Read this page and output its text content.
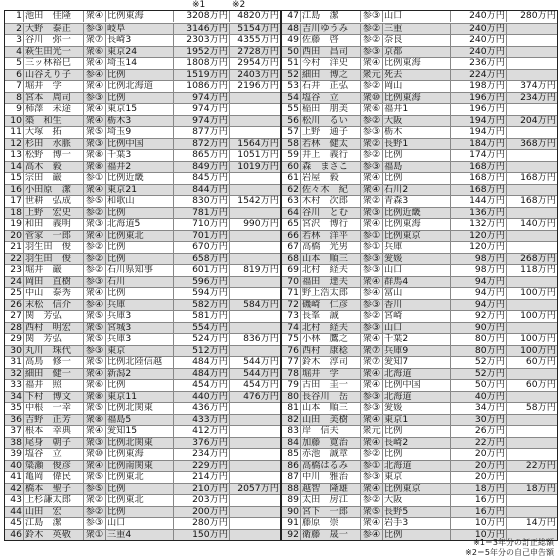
※1	※2
1 池田　佳隆	衆④ 比例東海	3208万円	4820万円
2 大野　泰正	参③ 岐阜	3146万円	5154万円
3 谷川　弥一	衆⑦ 長崎3	2303万円	4355万円
4 萩生田光一	衆⑥ 東京24	1952万円	2728万円
5 三ッ林裕巳	衆④ 埼玉14	1808万円	2954万円
6 山谷えり子	参④ 比例	1519万円	2403万円
7 堀井　学	衆④ 比例北海道	1086万円	2196万円
8 宮本　周司	参③ 比例	974万円
9 柿澤　未途	衆④ 東京15	974万円
10 築　和生	衆④ 栃木3	974万円
11 大塚　拓	衆⑤ 埼玉9	877万円
12 杉田　水脈	衆③ 比例中国	872万円	1564万円
13 松野　博一	衆⑧ 千葉3	865万円	1051万円
14 高木　毅	衆⑧ 福井2	849万円	1019万円
15 宗田　巌	参① 比例近畿	845万円
16 小田原　潔	衆④ 東京21	844万円
17 世耕　弘成	参⑤ 和歌山	830万円	1542万円
18 上野　宏史	参② 比例	781万円
19 和田　義明	衆③ 北海道5	710万円	990万円
20 菅家　一郎	衆④ 比例東北	701万円
21 羽生田　俊	参② 比例	670万円
22 羽生田　俊	参② 比例	658万円
23 堀井　巌	参② 石川県知事	601万円	819万円
24 岡田　直樹	参③ 石川	596万円
25 中山　泰秀	衆④ 比例	594万円
26 末松　信介	参④ 兵庫	582万円	584万円
27 関　芳弘	衆⑤ 兵庫3	581万円
28 西村　明宏	衆⑤ 宮城3	554万円
29 関　芳弘	衆⑤ 兵庫3	524万円	836万円
30 丸川　珠代	参③ 東京	512万円
31 高鳥　修一	衆⑤ 比例北陸信越	484万円	544万円
32 細田　健一	衆④ 新潟2	484万円	544万円
33 福井　照	衆⑥ 比例	454万円	454万円
34 下村　博文	衆⑧ 東京11	440万円	476万円
35 中根　一幸	衆⑤ 比例北関東	436万円
36 吉野　正芳	衆⑧ 福島5	433万円
37 根本　幸典	衆④ 愛知15	412万円
38 尾身　朝子	衆③ 比例北関東	376万円
39 塩谷　立	衆⑩ 比例東海	234万円
40 簗瀬　俊彦	衆④ 比例南関東	229万円
41 亀岡　偉民	衆⑤ 比例東北	214万円
42 橋本　聖子	参⑤ 比例	210万円	2057万円
43 上杉謙太郎	衆② 比例東北	203万円
44 山田　宏	参② 比例	200万円
45 江島　潔	参③ 山口	280万円
46 鈴木　英敬	衆① 三重4	150万円
47 江島　潔	参③ 山口	240万円	280万円
48 吉川ゆうみ	参② 三重	240万円
49 佐藤　啓	参② 奈良	240万円
50 西田　昌司	参③ 京都	240万円
51 今村　洋史	衆④ 比例東海	236万円
52 細田　博之	衆元 死去	224万円
53 石井　正弘	参② 岡山	198万円	374万円
54 塩谷　立	衆⑩ 比例東海	196万円	234万円
55 稲田　朋美	衆⑥ 福井1	196万円
56 松川　るい	参② 大阪	194万円	204万円
57 上野　通子	参③ 栃木	194万円
58 若林　健太	衆② 長野1	184万円	368万円
59 井上　義行	参② 比例	174万円
60 森　まさこ	参③ 福島	168万円
61 岩屋　毅	衆④ 比例	168万円	168万円
62 佐々木　紀	衆④ 石川2	168万円
63 木村　次郎	衆② 青森3	144万円	168万円
64 谷川　とむ	衆③ 比例近畿	136万円
65 宮沢　博行	衆④ 比例東海	132万円	140万円
66 若林　洋平	参① 比例東京	120万円
67 高橋　光男	参① 兵庫	120万円
68 山本　順三	参③ 愛媛	98万円	268万円
69 北村　経夫	参③ 山口	98万円	118万円
70 福田　達夫	衆④ 群馬4	94万円
71 野上浩太郎	参④ 富山	94万円	100万円
72 磯崎　仁彦	参③ 香川	94万円
73 長峯　誠	参② 宮崎	92万円	100万円
74 北村　経夫	参③ 山口	90万円
75 小林　鷹之	衆④ 千葉2	80万円	100万円
76 西村　康稔	衆⑦ 兵庫9	80万円	100万円
77 鈴木　淳司	衆⑦ 愛知7	52万円	60万円
78 堀井　学	衆④ 北海道	52万円
79 古田　圭一	衆④ 比例中国	50万円	60万円
80 長谷川　岳	参③ 北海道	40万円
81 山本　順三	参③ 愛媛	34万円	58万円
82 山田　美樹	衆④ 東京1	30万円
83 岸　信夫	衆元 比例	26万円
84 加藤　寛治	衆④ 長崎2	22万円
85 赤池　誠章	参② 比例	20万円
86 高橋はるみ	参① 北海道	20万円	22万円
87 中川　雅治	参③ 東京	20万円
88 越智　隆雄	衆④ 比例東京	18万円	18万円
89 太田　房江	参② 大阪	16万円
90 宮下　一郎	衆⑤ 長野5	16万円
91 藤原　崇	衆④ 岩手3	10万円	14万円
92 衛藤　晟一	参④ 比例	10万円
※1＝3年分の訂正総額
※2＝5年分の自己申告額
